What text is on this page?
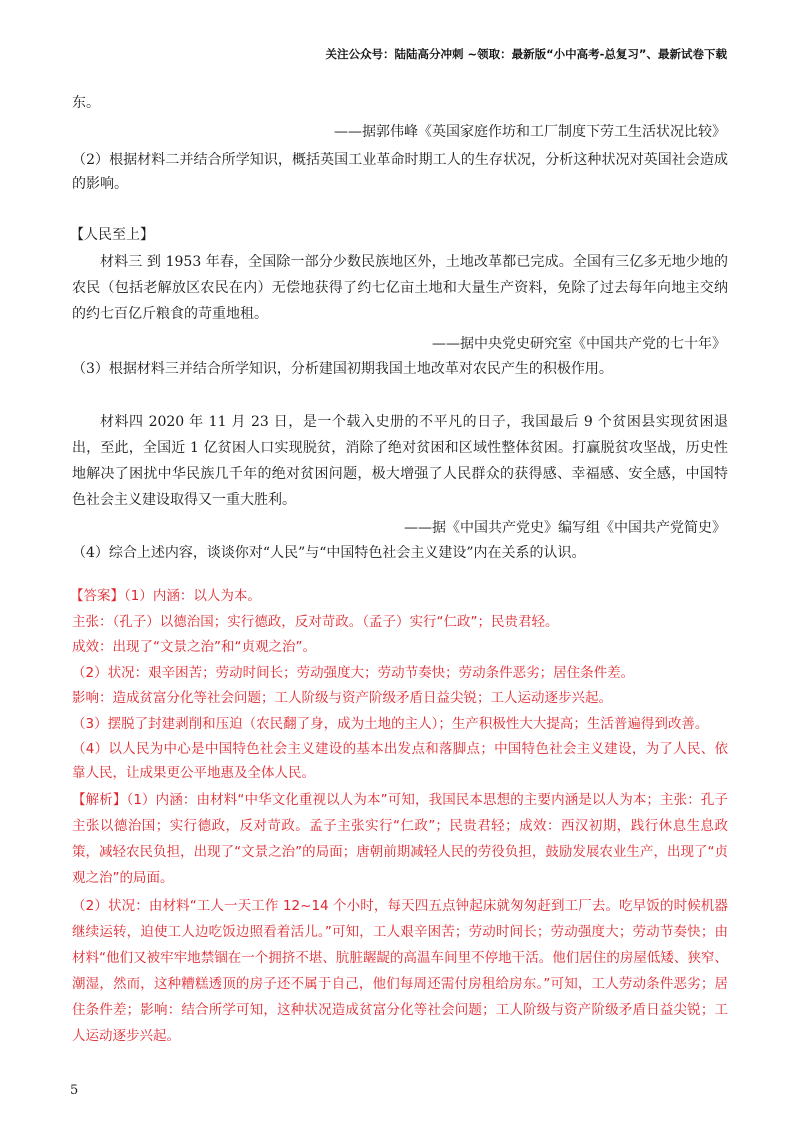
关注公众号：陆陆高分冲刺 ~领取：最新版“小中高考-总复习”、最新试卷下载
东。
——据郭伟峰《英国家庭作坊和工厂制度下劳工生活状况比较》
（2）根据材料二并结合所学知识，概括英国工业革命时期工人的生存状况，分析这种状况对英国社会造成的影响。
【人民至上】
材料三 到 1953 年春，全国除一部分少数民族地区外，土地改革都已完成。全国有三亿多无地少地的农民（包括老解放区农民在内）无偿地获得了约七亿亩土地和大量生产资料，免除了过去每年向地主交纳的约七百亿斤粮食的苛重地租。
——据中央党史研究室《中国共产党的七十年》
（3）根据材料三并结合所学知识，分析建国初期我国土地改革对农民产生的积极作用。
材料四 2020 年 11 月 23 日，是一个载入史册的不平凡的日子，我国最后 9 个贫困县实现贫困退出，至此，全国近 1 亿贫困人口实现脱贫，消除了绝对贫困和区域性整体贫困。打赢脱贫攻坚战，历史性地解决了困扰中华民族几千年的绝对贫困问题，极大增强了人民群众的获得感、幸福感、安全感，中国特色社会主义建设取得又一重大胜利。
——据《中国共产党史》编写组《中国共产党简史》
（4）综合上述内容，谈谈你对“人民”与“中国特色社会主义建设”内在关系的认识。
【答案】（1）内涵：以人为本。
主张：（孔子）以德治国；实行德政，反对苛政。（孟子）实行“仁政”；民贵君轻。
成效：出现了“文景之治”和“贞观之治”。
（2）状况：艰辛困苦；劳动时间长；劳动强度大；劳动节奏快；劳动条件恶劣；居住条件差。
影响：造成贫富分化等社会问题；工人阶级与资产阶级矛盾日益尖锐；工人运动逐步兴起。
（3）摆脱了封建剥削和压迫（农民翻了身，成为土地的主人）；生产积极性大大提高；生活普遍得到改善。
（4）以人民为中心是中国特色社会主义建设的基本出发点和落脚点；中国特色社会主义建设，为了人民、依靠人民，让成果更公平地惠及全体人民。
【解析】（1）内涵：由材料“中华文化重视以人为本”可知，我国民本思想的主要内涵是以人为本；主张：孔子主张以德治国；实行德政，反对苛政。孟子主张实行“仁政”；民贵君轻；成效：西汉初期，践行休息生息政策，减轻农民负担，出现了“文景之治”的局面；唐朝前期减轻人民的劳役负担，鼓励发展农业生产，出现了“贞观之治”的局面。
（2）状况：由材料“工人一天工作 12~14 个小时，每天四五点钟起床就匆匆赶到工厂去。吃早饭的时候机器继续运转，迫使工人边吃饭边照看着活儿。”可知，工人艰辛困苦；劳动时间长；劳动强度大；劳动节奏快；由材料“他们又被牢牢地禁锢在一个拥挤不堪、肮脏龌龊的高温车间里不停地干活。他们居住的房屋低矮、狭窄、潮湿，然而，这种糟糕透顶的房子还不属于自己，他们每周还需付房租给房东。”可知，工人劳动条件恶劣；居住条件差；影响：结合所学可知，这种状况造成贫富分化等社会问题；工人阶级与资产阶级矛盾日益尖锐；工人运动逐步兴起。
5
